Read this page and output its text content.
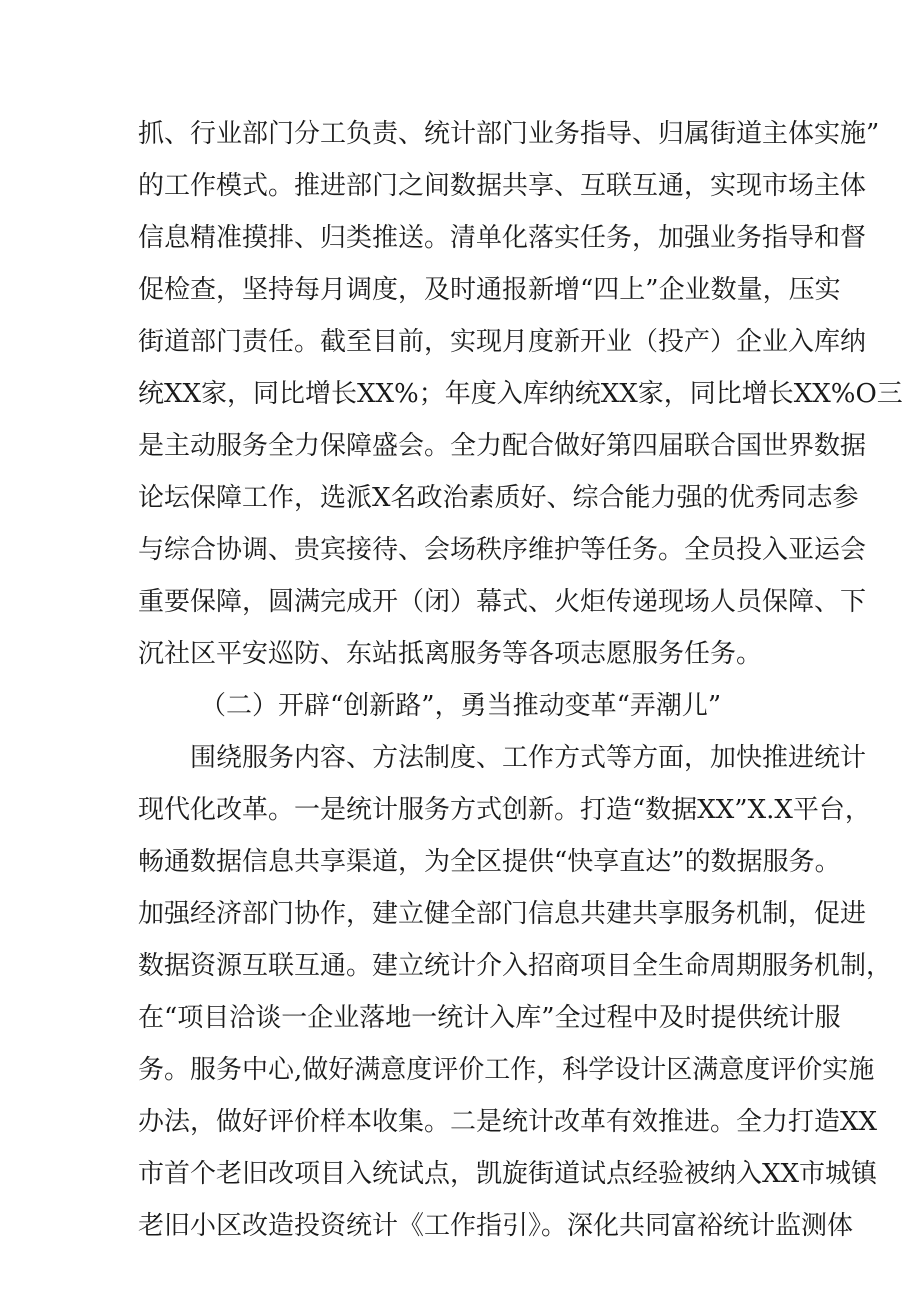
抓、行业部门分工负责、统计部门业务指导、归属街道主体实施”
的工作模式。推进部门之间数据共享、互联互通，实现市场主体
信息精准摸排、归类推送。清单化落实任务，加强业务指导和督
促检查，坚持每月调度，及时通报新增“四上”企业数量，压实
街道部门责任。截至目前，实现月度新开业（投产）企业入库纳
统XX家，同比增长XX%；年度入库纳统XX家，同比增长XX%O三
是主动服务全力保障盛会。全力配合做好第四届联合国世界数据
论坛保障工作，选派X名政治素质好、综合能力强的优秀同志参
与综合协调、贵宾接待、会场秩序维护等任务。全员投入亚运会
重要保障，圆满完成开（闭）幕式、火炬传递现场人员保障、下
沉社区平安巡防、东站抵离服务等各项志愿服务任务。
（二）开辟“创新路”，勇当推动变革“弄潮儿”
围绕服务内容、方法制度、工作方式等方面，加快推进统计
现代化改革。一是统计服务方式创新。打造“数据XX”X.X平台，
畅通数据信息共享渠道，为全区提供“快享直达”的数据服务。
加强经济部门协作，建立健全部门信息共建共享服务机制，促进
数据资源互联互通。建立统计介入招商项目全生命周期服务机制，
在“项目洽谈一企业落地一统计入库”全过程中及时提供统计服
务。服务中心,做好满意度评价工作，科学设计区满意度评价实施
办法，做好评价样本收集。二是统计改革有效推进。全力打造XX
市首个老旧改项目入统试点，凯旋街道试点经验被纳入XX市城镇
老旧小区改造投资统计《工作指引》。深化共同富裕统计监测体
